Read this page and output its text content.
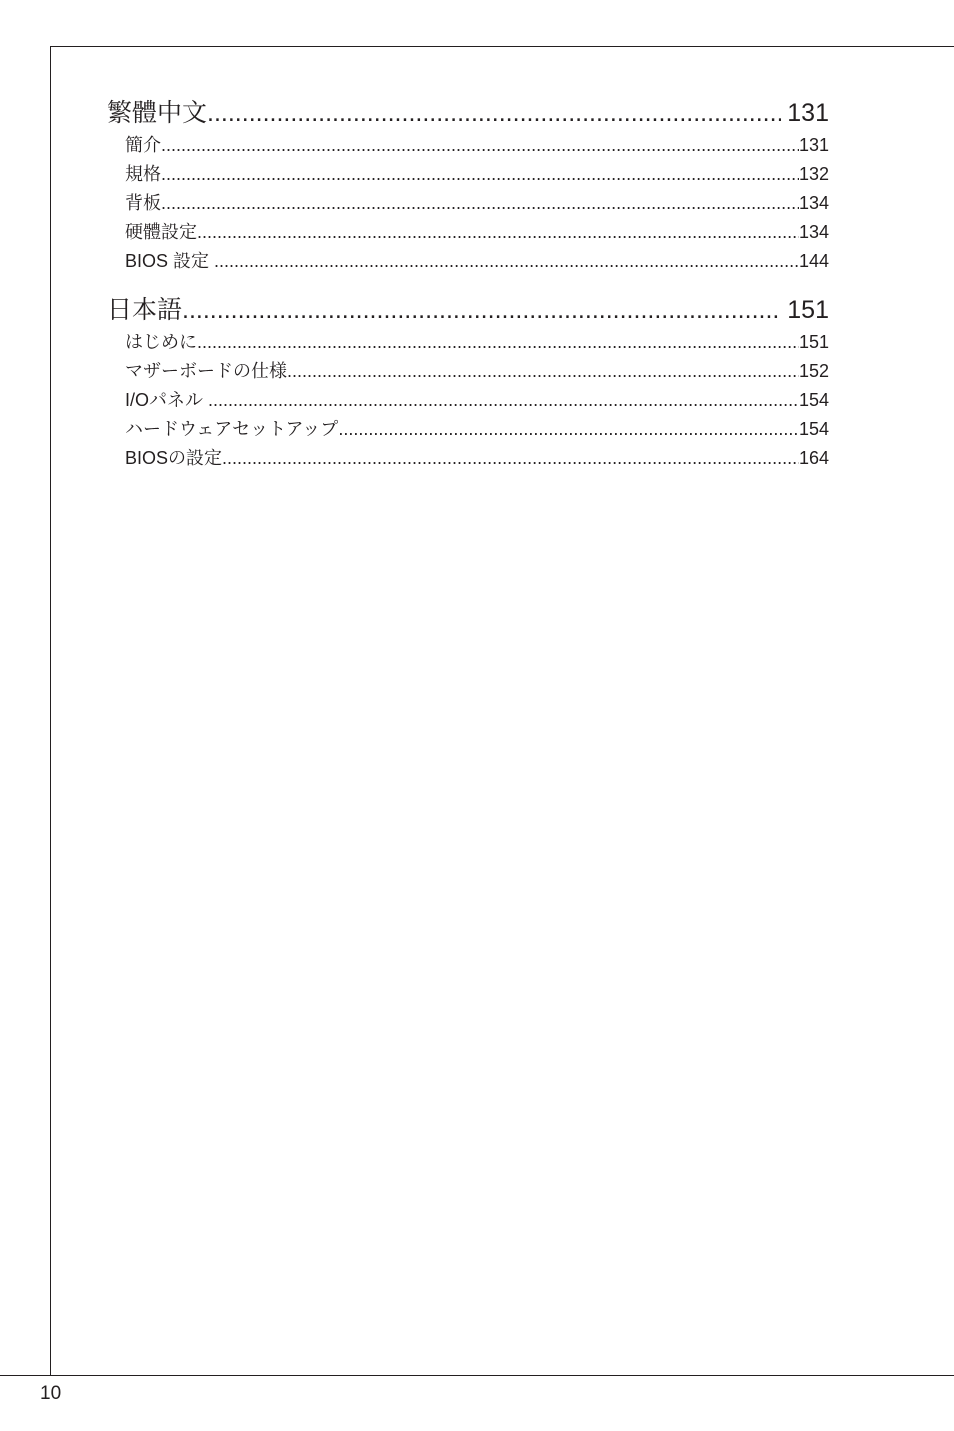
繁體中文 .....	131
簡介 .....	131
規格 .....	132
背板 .....	134
硬體設定 .....	134
BIOS 設定 .....	144
日本語 .....	151
はじめに .....	151
マザーボードの仕様 .....	152
I/Oパネル .....	154
ハードウェアセットアップ .....	154
BIOSの設定 .....	164
10
